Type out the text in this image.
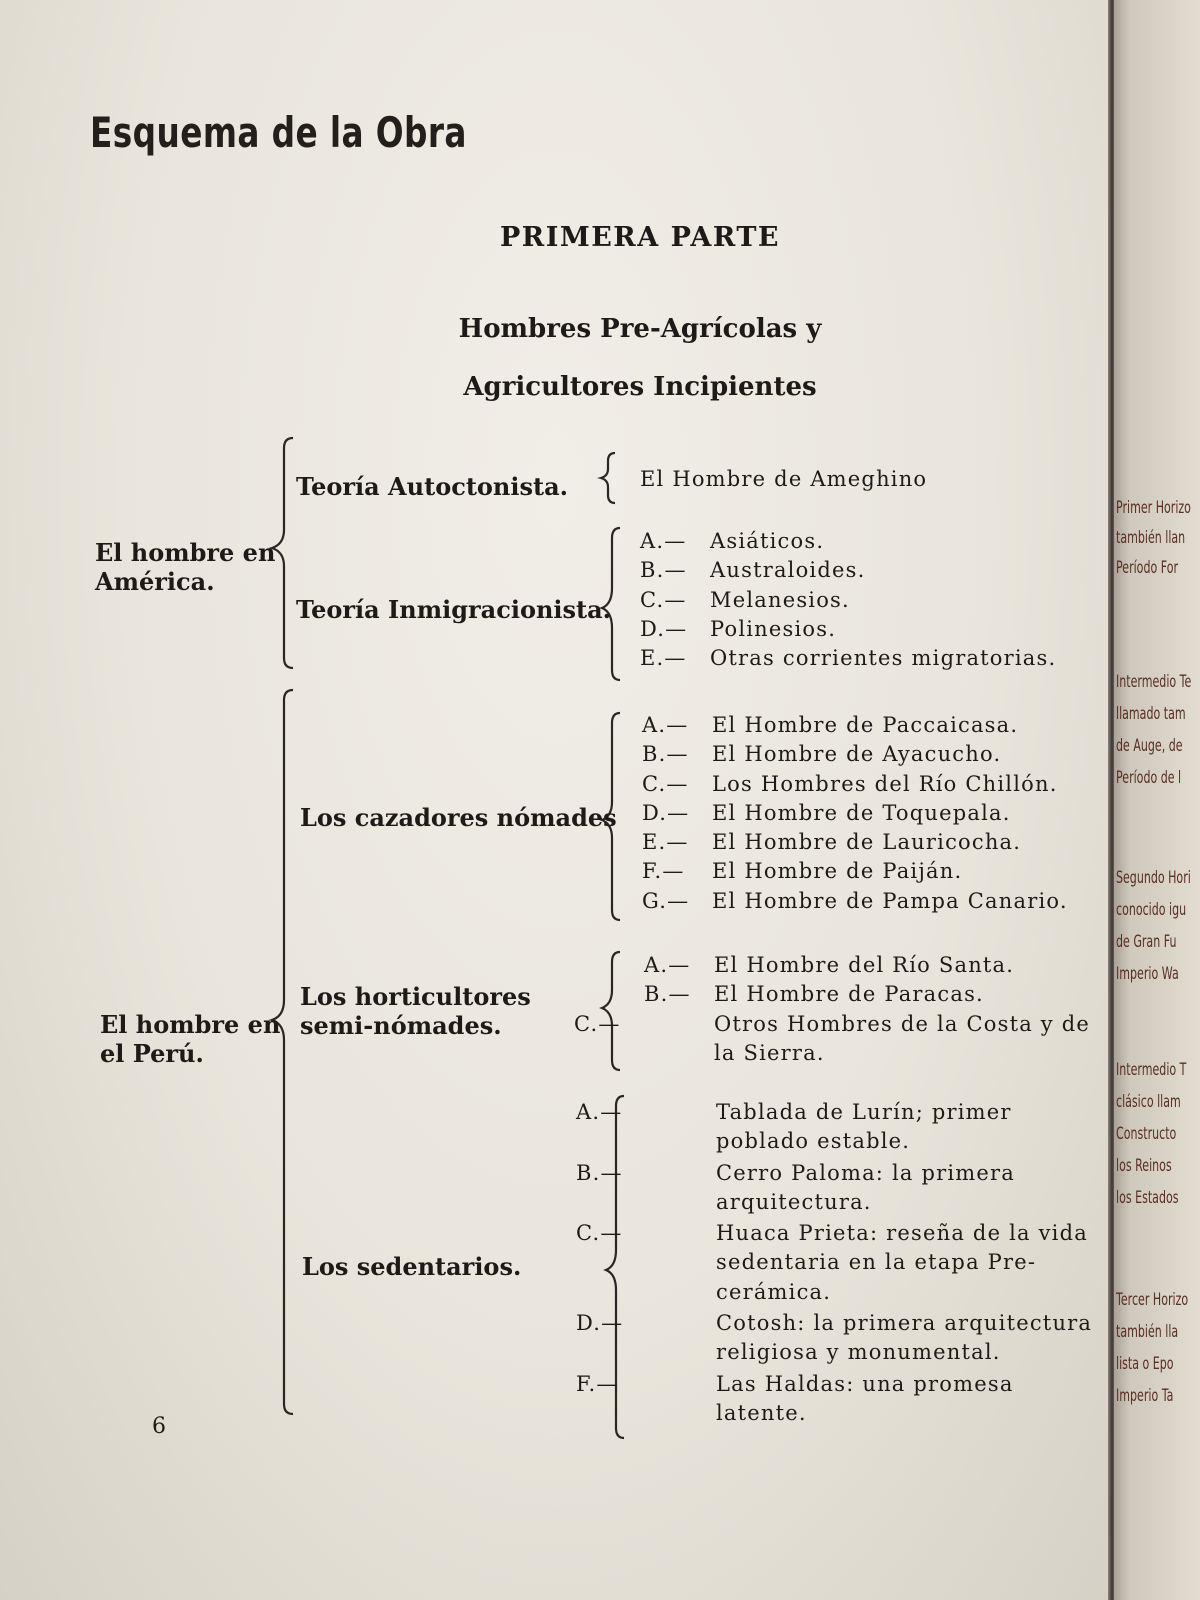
Esquema de la Obra
PRIMERA PARTE
Hombres Pre-Agrícolas y
Agricultores Incipientes
El hombre en
América.
Teoría Autoctonista.	El Hombre de Ameghino
Teoría Inmigracionista.
A.— Asiáticos.
B.— Australoides.
C.— Melanesios.
D.— Polinesios.
E.— Otras corrientes migratorias.
El hombre en
el Perú.
Los cazadores nómades
A.— El Hombre de Paccaicasa.
B.— El Hombre de Ayacucho.
C.— Los Hombres del Río Chillón.
D.— El Hombre de Toquepala.
E.— El Hombre de Lauricocha.
F.— El Hombre de Paiján.
G.— El Hombre de Pampa Canario.
Los horticultores
semi-nómades.
A.— El Hombre del Río Santa.
B.— El Hombre de Paracas.
C.—	Otros Hombres de la Costa y de la Sierra.
Los sedentarios.
A.—	Tablada de Lurín; primer poblado estable.
B.—	Cerro Paloma: la primera arquitectura.
C.—	Huaca Prieta: reseña de la vida sedentaria en la etapa Pre-cerámica.
D.—	Cotosh: la primera arquitectura religiosa y monumental.
F.—	Las Haldas: una promesa latente.
6
Primer Horizo
también llan
Período For
Intermedio Te
llamado tam
de Auge, de
Período de l
Segundo Hori
conocido igu
de Gran Fu
Imperio Wa
Intermedio T
clásico llam
Constructo
los Reinos
los Estados
Tercer Horizo
también lla
lista o Epo
Imperio Ta
